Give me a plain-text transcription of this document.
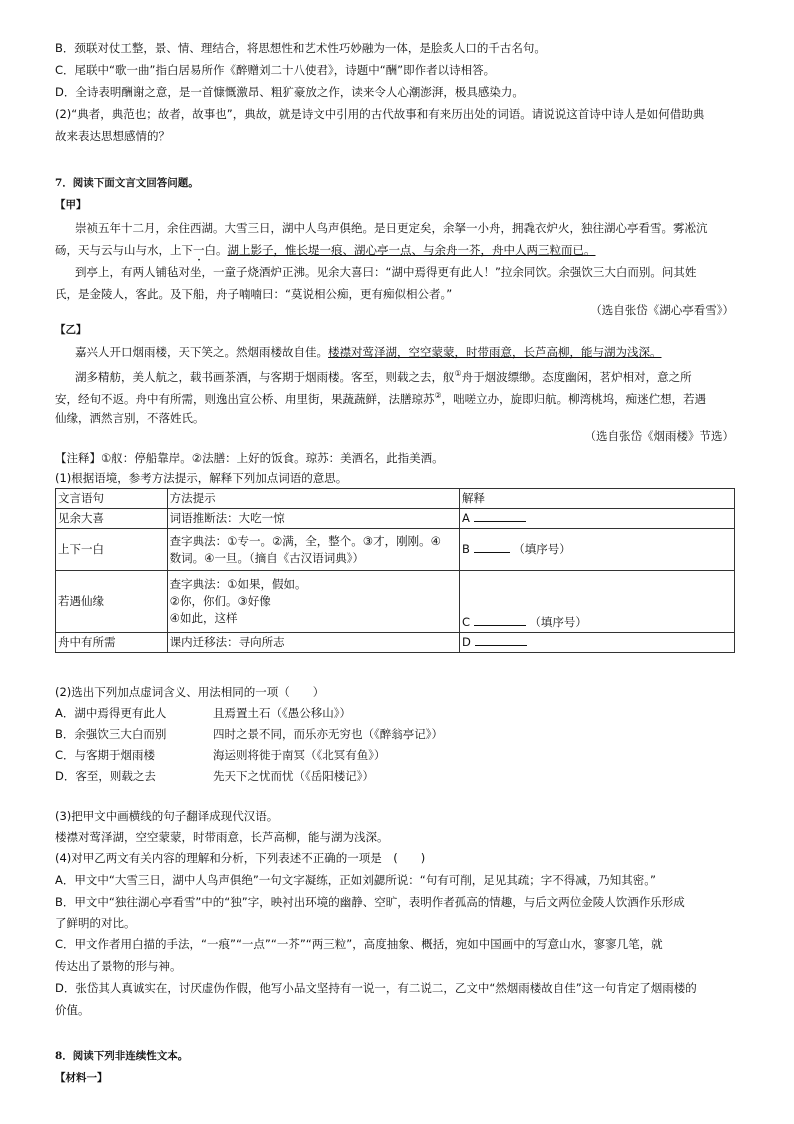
B．颈联对仗工整，景、情、理结合，将思想性和艺术性巧妙融为一体，是脍炙人口的千古名句。
C．尾联中“歌一曲”指白居易所作《醉赠刘二十八使君》，诗题中“酬”即作者以诗相答。
D．全诗表明酬谢之意，是一首慷慨激昂、粗犷豪放之作，读来令人心潮澎湃，极具感染力。
(2)“典者，典范也；故者，故事也”，典故，就是诗文中引用的古代故事和有来历出处的词语。请说说这首诗中诗人是如何借助典
故来表达思想感情的？
7．阅读下面文言文回答问题。
【甲】
崇祯五年十二月，余住西湖。大雪三日，湖中人鸟声俱绝。是日更定矣，余拏一小舟，拥毳衣炉火，独往湖心亭看雪。雾凇沆
砀，天与云与山与水，上下一白。湖上影子，惟长堤一痕、湖心亭一点、与余舟一芥，舟中人两三粒而已。
到亭上，有两人铺毡对坐，一童子烧酒炉正沸。见余大喜曰：“湖中焉得更有此人！”拉余同饮。余强饮三大白而别。问其姓
氏，是金陵人，客此。及下船，舟子喃喃曰：“莫说相公痴，更有痴似相公者。”
（选自张岱《湖心亭看雪》）
【乙】
嘉兴人开口烟雨楼，天下笑之。然烟雨楼故自佳。楼襟对莺泽湖，空空蒙蒙，时带雨意，长芦高柳，能与湖为浅深。
湖多精舫，美人航之，载书画茶酒，与客期于烟雨楼。客至，则载之去，舣①舟于烟波缥缈。态度幽闲，茗炉相对，意之所
安，经旬不返。舟中有所需，则逸出宣公桥、甪里街，果蔬蔬鲜，法膳琼苏②，咄嗟立办，旋即归航。柳湾桃坞，痴迷伫想，若遇
仙缘，洒然言别，不落姓氏。
（选自张岱《烟雨楼》节选）
【注释】①舣：停船靠岸。②法膳：上好的饭食。琼苏：美酒名，此指美酒。
(1)根据语境，参考方法提示，解释下列加点词语的意思。
文言语句	方法提示	解释
见余大喜	词语推断法：大吃一惊	A
上下一白	查字典法：①专一。②满，全，整个。③才，刚刚。④
数词。④一旦。（摘自《古汉语词典》）	B （填序号）
若遇仙缘	查字典法：①如果，假如。
②你，你们。③好像
④如此，这样	C （填序号）
舟中有所需	课内迁移法：寻向所志	D
(2)选出下列加点虚词含义、用法相同的一项（　　）
A．湖中焉得更有此人	且焉置土石（《愚公移山》）
B．余强饮三大白而别	四时之景不同，而乐亦无穷也（《醉翁亭记》）
C．与客期于烟雨楼	海运则将徙于南冥（《北冥有鱼》）
D．客至，则载之去	先天下之忧而忧（《岳阳楼记》）
(3)把甲文中画横线的句子翻译成现代汉语。
楼襟对莺泽湖，空空蒙蒙，时带雨意，长芦高柳，能与湖为浅深。
(4)对甲乙两文有关内容的理解和分析，下列表述不正确的一项是　(　　)
A．甲文中“大雪三日，湖中人鸟声俱绝”一句文字凝练，正如刘勰所说：“句有可削，足见其疏；字不得减，乃知其密。”
B．甲文中“独往湖心亭看雪”中的“独”字，映衬出环境的幽静、空旷，表明作者孤高的情趣，与后文两位金陵人饮酒作乐形成
了鲜明的对比。
C．甲文作者用白描的手法，“一痕”“一点”“一芥”“两三粒”，高度抽象、概括，宛如中国画中的写意山水，寥寥几笔，就
传达出了景物的形与神。
D．张岱其人真诚实在，讨厌虚伪作假，他写小品文坚持有一说一，有二说二，乙文中“然烟雨楼故自佳”这一句肯定了烟雨楼的
价值。
8．阅读下列非连续性文本。
【材料一】
